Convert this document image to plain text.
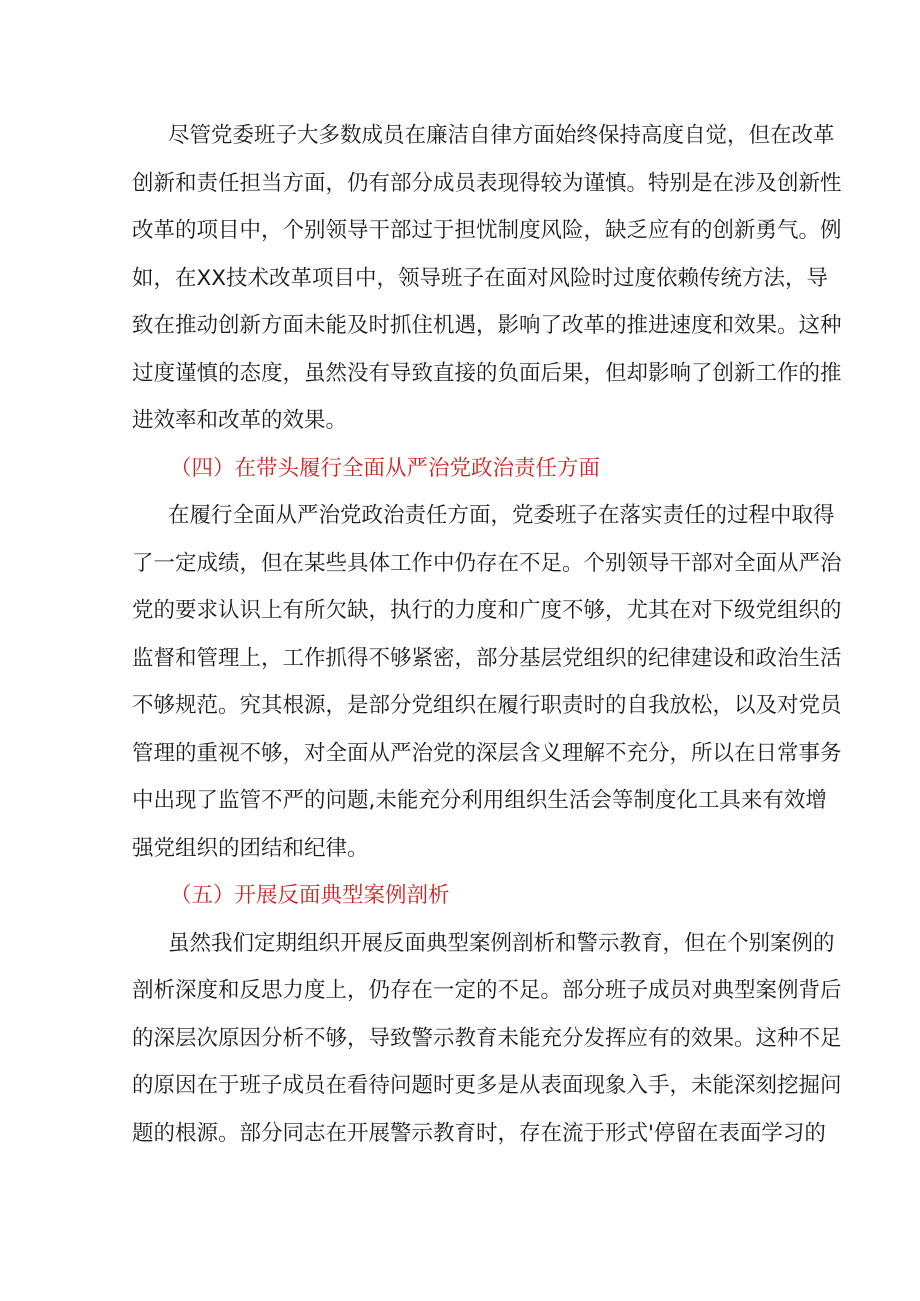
尽管党委班子大多数成员在廉洁自律方面始终保持高度自觉，但在改革
创新和责任担当方面，仍有部分成员表现得较为谨慎。特别是在涉及创新性
改革的项目中，个别领导干部过于担忧制度风险，缺乏应有的创新勇气。例
如，在XX技术改革项目中，领导班子在面对风险时过度依赖传统方法，导
致在推动创新方面未能及时抓住机遇，影响了改革的推进速度和效果。这种
过度谨慎的态度，虽然没有导致直接的负面后果，但却影响了创新工作的推
进效率和改革的效果。
（四）在带头履行全面从严治党政治责任方面
在履行全面从严治党政治责任方面，党委班子在落实责任的过程中取得
了一定成绩，但在某些具体工作中仍存在不足。个别领导干部对全面从严治
党的要求认识上有所欠缺，执行的力度和广度不够，尤其在对下级党组织的
监督和管理上，工作抓得不够紧密，部分基层党组织的纪律建设和政治生活
不够规范。究其根源，是部分党组织在履行职责时的自我放松，以及对党员
管理的重视不够，对全面从严治党的深层含义理解不充分，所以在日常事务
中出现了监管不严的问题,未能充分利用组织生活会等制度化工具来有效增
强党组织的团结和纪律。
（五）开展反面典型案例剖析
虽然我们定期组织开展反面典型案例剖析和警示教育，但在个别案例的
剖析深度和反思力度上，仍存在一定的不足。部分班子成员对典型案例背后
的深层次原因分析不够，导致警示教育未能充分发挥应有的效果。这种不足
的原因在于班子成员在看待问题时更多是从表面现象入手，未能深刻挖掘问
题的根源。部分同志在开展警示教育时，存在流于形式'停留在表面学习的
